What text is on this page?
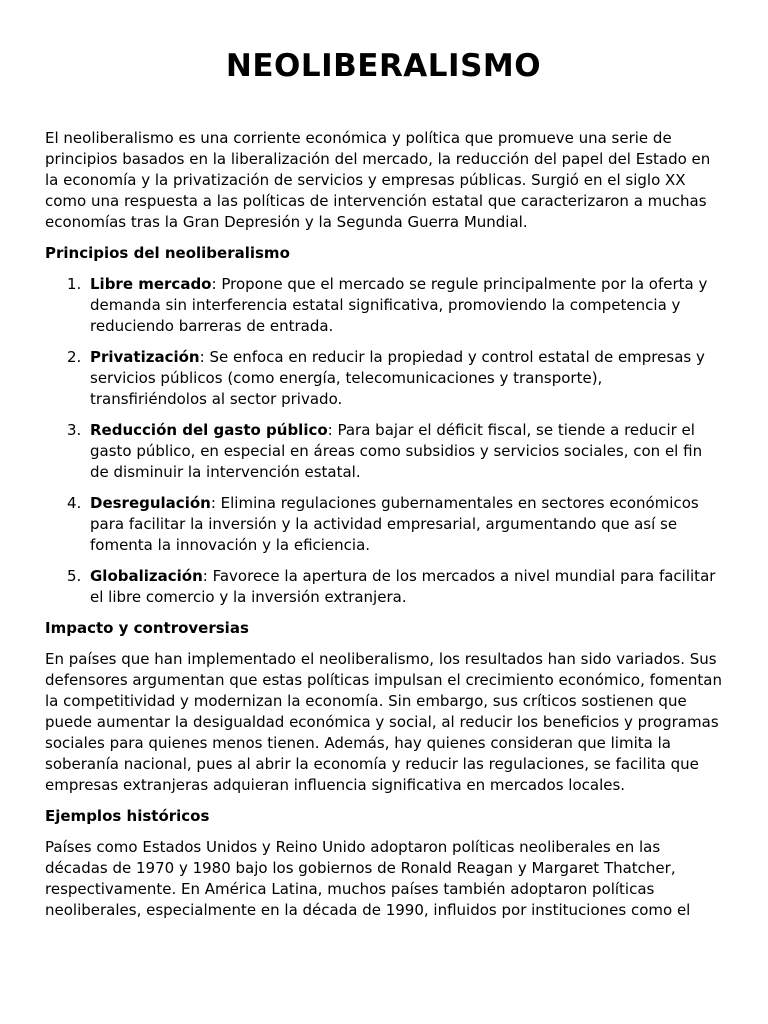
NEOLIBERALISMO

El neoliberalismo es una corriente económica y política que promueve una serie de principios basados en la liberalización del mercado, la reducción del papel del Estado en la economía y la privatización de servicios y empresas públicas. Surgió en el siglo XX como una respuesta a las políticas de intervención estatal que caracterizaron a muchas economías tras la Gran Depresión y la Segunda Guerra Mundial.

Principios del neoliberalismo
1. Libre mercado: Propone que el mercado se regule principalmente por la oferta y demanda sin interferencia estatal significativa, promoviendo la competencia y reduciendo barreras de entrada.
2. Privatización: Se enfoca en reducir la propiedad y control estatal de empresas y servicios públicos (como energía, telecomunicaciones y transporte), transfiriéndolos al sector privado.
3. Reducción del gasto público: Para bajar el déficit fiscal, se tiende a reducir el gasto público, en especial en áreas como subsidios y servicios sociales, con el fin de disminuir la intervención estatal.
4. Desregulación: Elimina regulaciones gubernamentales en sectores económicos para facilitar la inversión y la actividad empresarial, argumentando que así se fomenta la innovación y la eficiencia.
5. Globalización: Favorece la apertura de los mercados a nivel mundial para facilitar el libre comercio y la inversión extranjera.
Impacto y controversias

En países que han implementado el neoliberalismo, los resultados han sido variados. Sus defensores argumentan que estas políticas impulsan el crecimiento económico, fomentan la competitividad y modernizan la economía. Sin embargo, sus críticos sostienen que puede aumentar la desigualdad económica y social, al reducir los beneficios y programas sociales para quienes menos tienen. Además, hay quienes consideran que limita la soberanía nacional, pues al abrir la economía y reducir las regulaciones, se facilita que empresas extranjeras adquieran influencia significativa en mercados locales.

Ejemplos históricos

Países como Estados Unidos y Reino Unido adoptaron políticas neoliberales en las décadas de 1970 y 1980 bajo los gobiernos de Ronald Reagan y Margaret Thatcher, respectivamente. En América Latina, muchos países también adoptaron políticas neoliberales, especialmente en la década de 1990, influidos por instituciones como el
